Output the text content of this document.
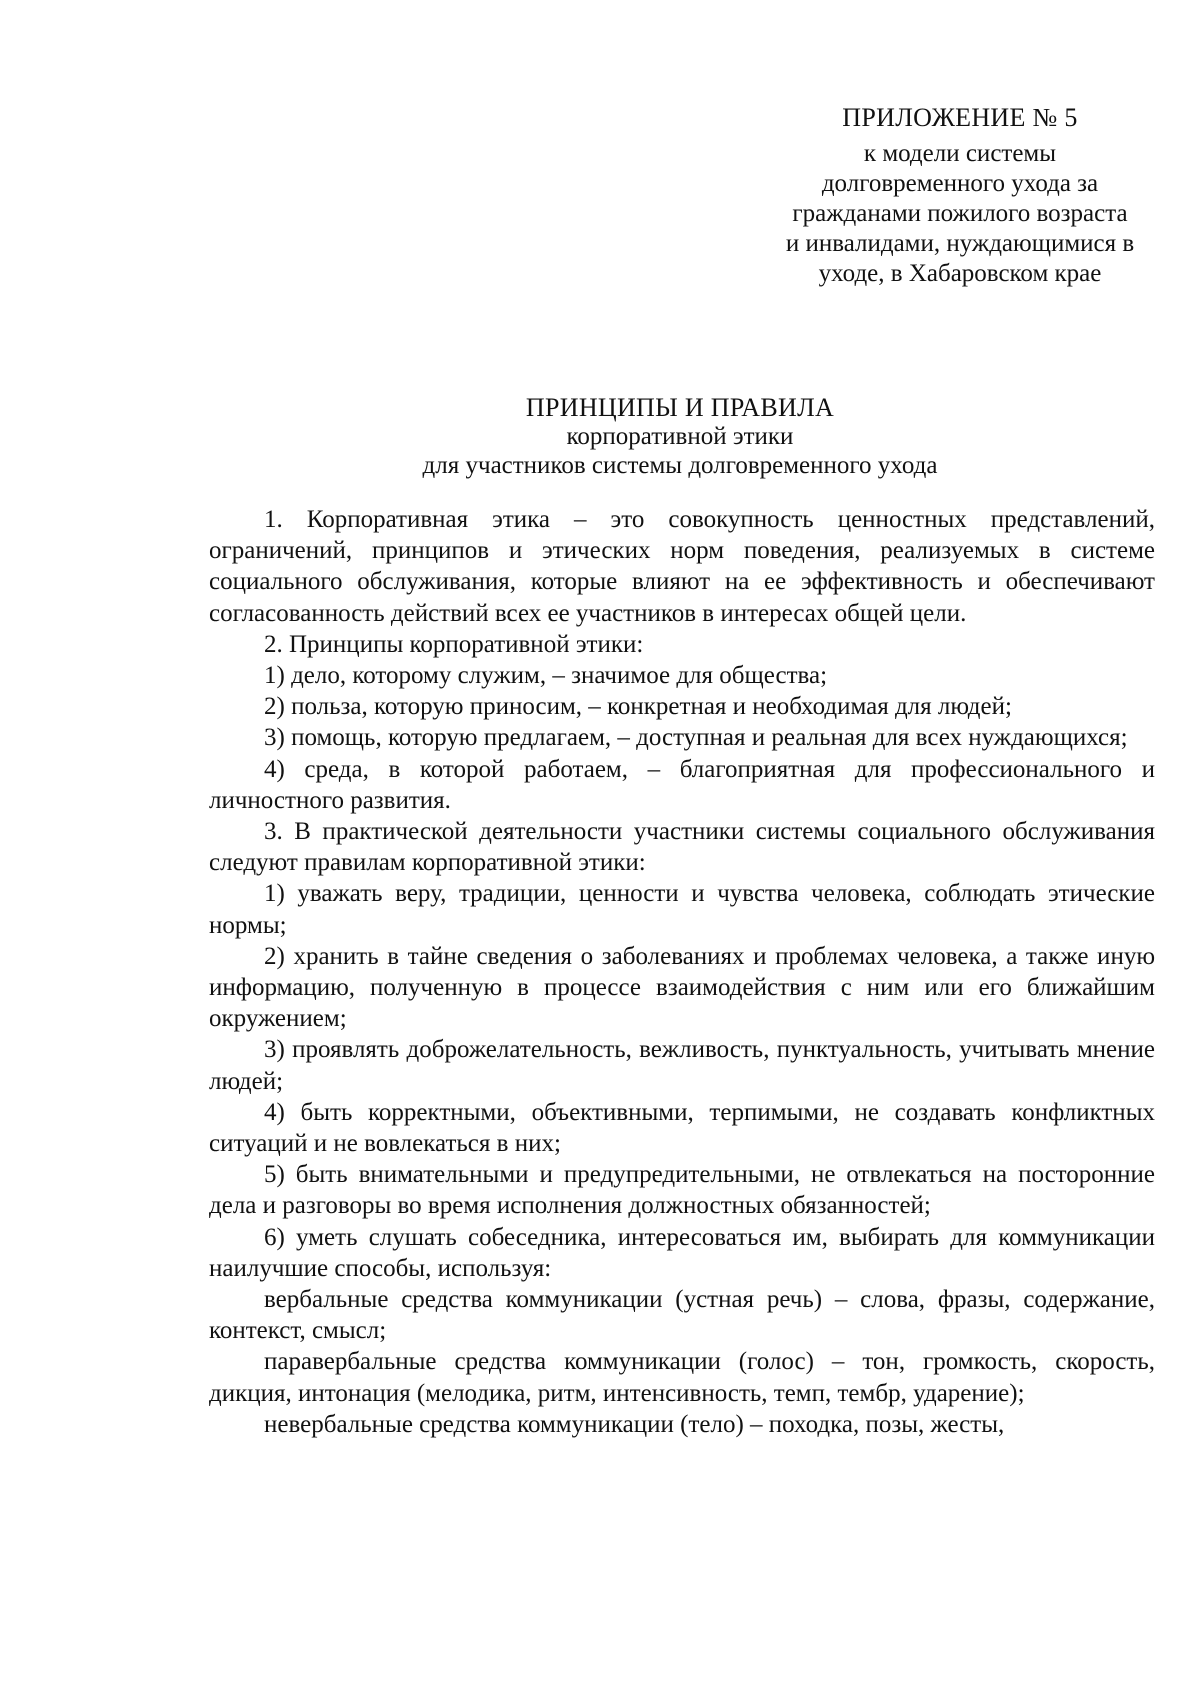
ПРИЛОЖЕНИЕ № 5
к модели системы
долговременного ухода за
гражданами пожилого возраста
и инвалидами, нуждающимися в
уходе, в Хабаровском крае
ПРИНЦИПЫ И ПРАВИЛА
корпоративной этики
для участников системы долговременного ухода

1. Корпоративная этика – это совокупность ценностных представлений, ограничений, принципов и этических норм поведения, реализуемых в системе социального обслуживания, которые влияют на ее эффективность и обеспечивают согласованность действий всех ее участников в интересах общей цели.

2. Принципы корпоративной этики:

1) дело, которому служим, – значимое для общества;

2) польза, которую приносим, – конкретная и необходимая для людей;

3) помощь, которую предлагаем, – доступная и реальная для всех нуждающихся;

4) среда, в которой работаем, – благоприятная для профессионального и личностного развития.

3. В практической деятельности участники системы социального обслуживания следуют правилам корпоративной этики:

1) уважать веру, традиции, ценности и чувства человека, соблюдать этические нормы;

2) хранить в тайне сведения о заболеваниях и проблемах человека, а также иную информацию, полученную в процессе взаимодействия с ним или его ближайшим окружением;

3) проявлять доброжелательность, вежливость, пунктуальность, учитывать мнение людей;

4) быть корректными, объективными, терпимыми, не создавать конфликтных ситуаций и не вовлекаться в них;

5) быть внимательными и предупредительными, не отвлекаться на посторонние дела и разговоры во время исполнения должностных обязанностей;

6) уметь слушать собеседника, интересоваться им, выбирать для коммуникации наилучшие способы, используя:

вербальные средства коммуникации (устная речь) – слова, фразы, содержание, контекст, смысл;

паравербальные средства коммуникации (голос) – тон, громкость, скорость, дикция, интонация (мелодика, ритм, интенсивность, темп, тембр, ударение);

невербальные средства коммуникации (тело) – походка, позы, жесты,
